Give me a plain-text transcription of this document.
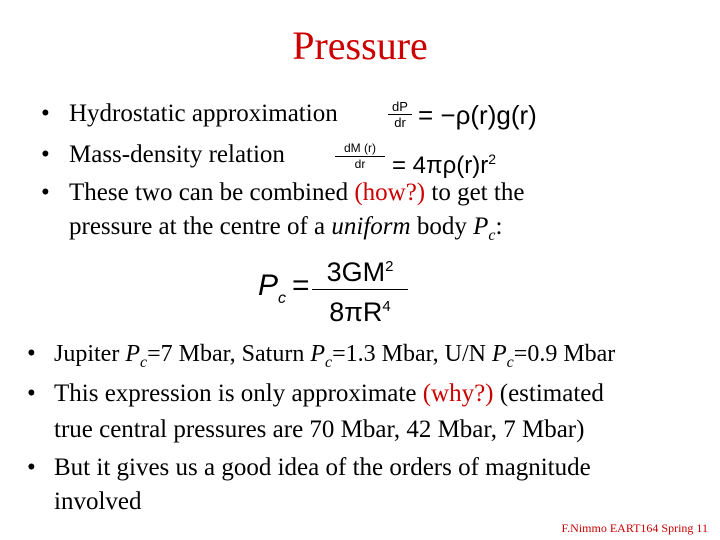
Pressure
• Hydrostatic approximation
• Mass-density relation
• These two can be combined (how?) to get the
pressure at the centre of a uniform body $P_c$:
dP
dr = −ρ(r)g(r)
dM (r)
dr	= $4\pi\rho(r)r^2$
$P_c = 3GM^2$
$8\pi R^4$
• Jupiter $P_c=7$ Mbar, Saturn $P_c=1.3$ Mbar, U/N $P_c=0.9$ Mbar
• This expression is only approximate (why?) (estimated
true central pressures are 70 Mbar, 42 Mbar, 7 Mbar)
• But it gives us a good idea of the orders of magnitude
involved
F.Nimmo EART164 Spring 11
